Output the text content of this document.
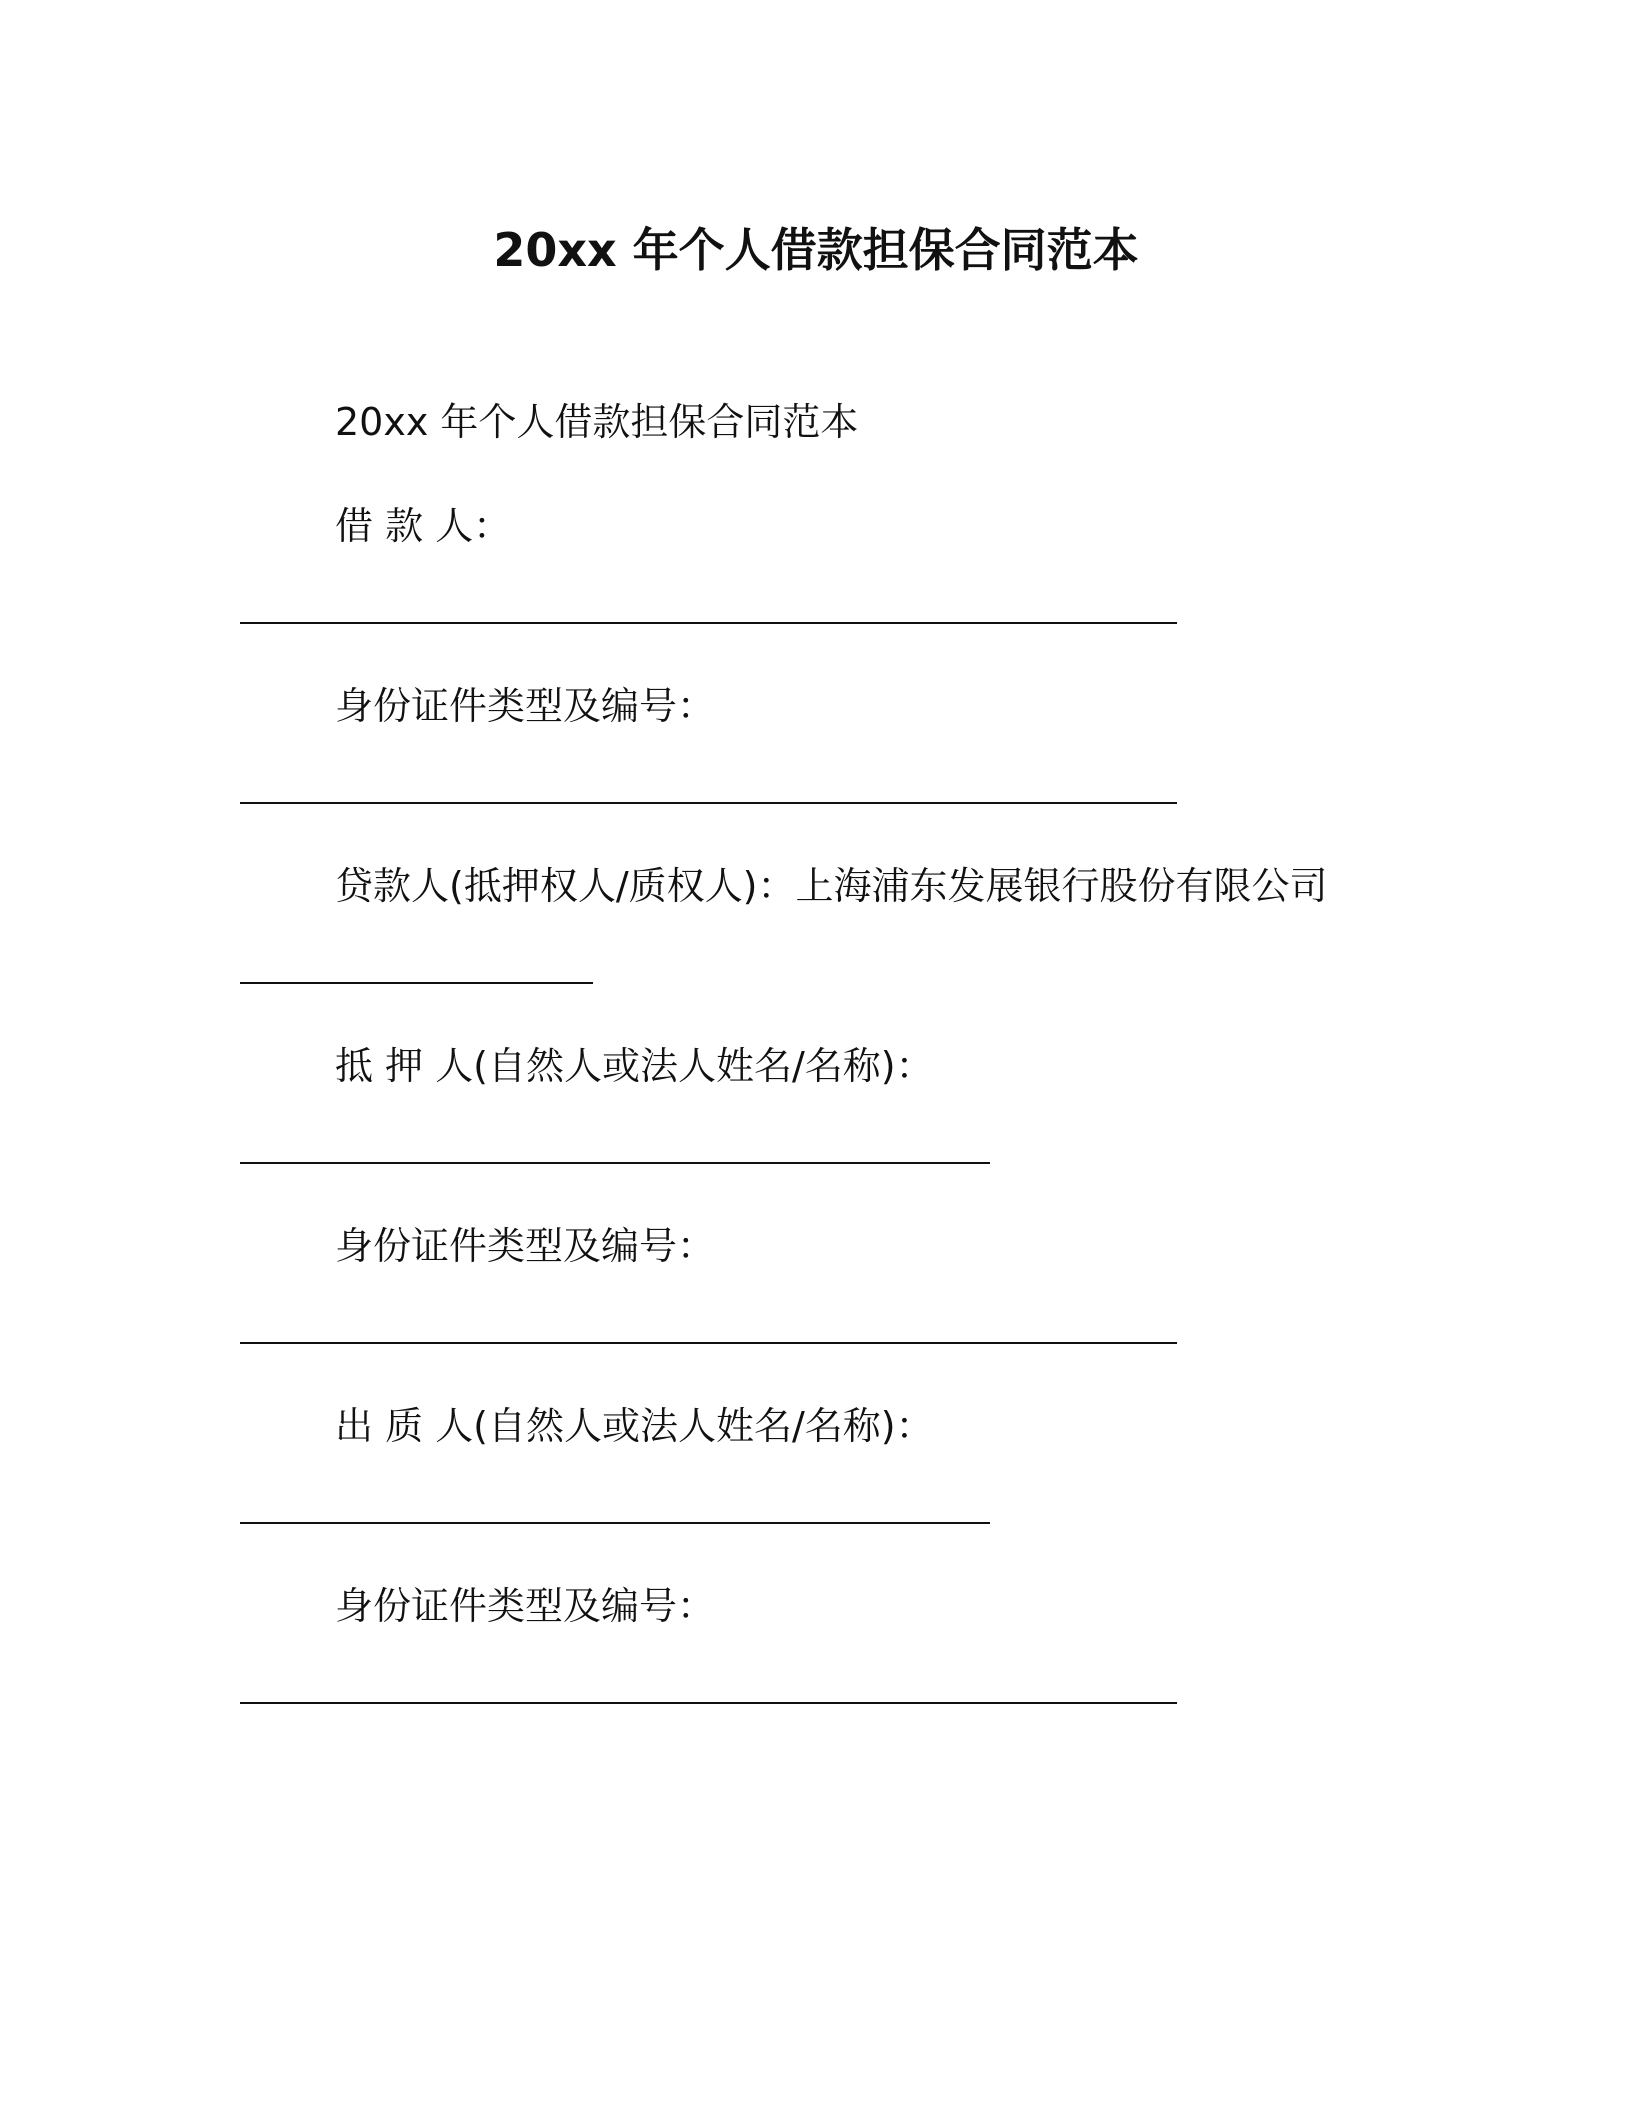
20xx 年个人借款担保合同范本
20xx 年个人借款担保合同范本
借 款 人：
身份证件类型及编号：
贷款人(抵押权人/质权人)：上海浦东发展银行股份有限公司
抵 押 人(自然人或法人姓名/名称)：
身份证件类型及编号：
出 质 人(自然人或法人姓名/名称)：
身份证件类型及编号：
